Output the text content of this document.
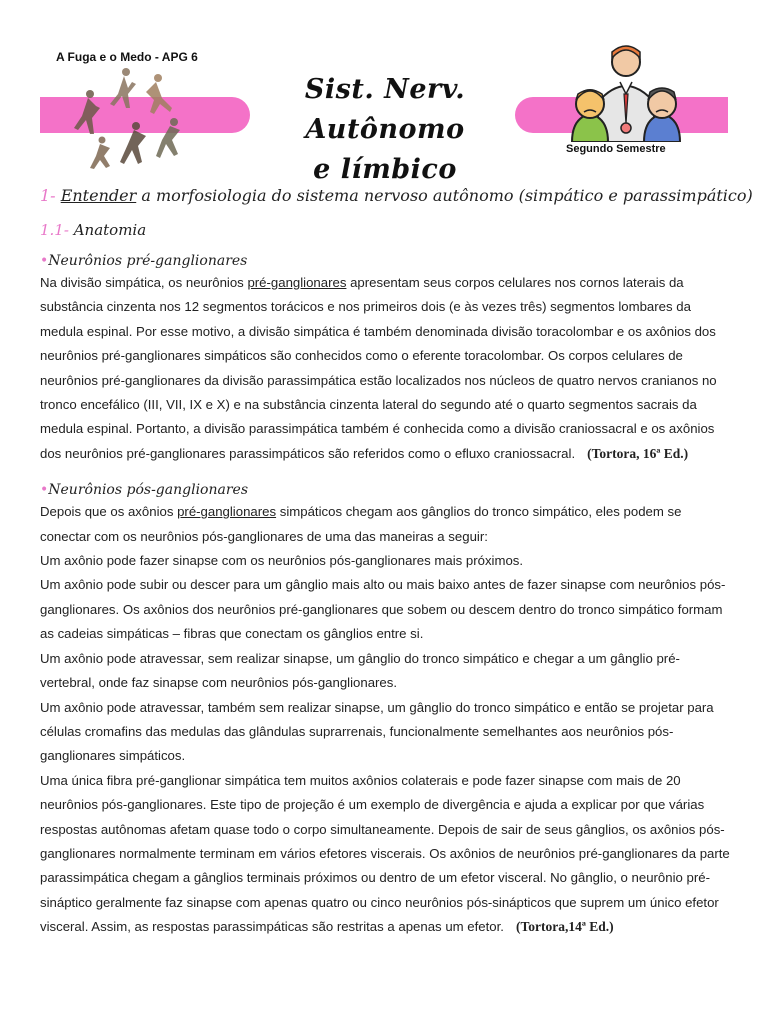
A Fuga e o Medo - APG 6
Sist. Nerv. Autônomo
e límbico
Segundo Semestre
1- Entender a morfosiologia do sistema nervoso autônomo (simpático e parassimpático)
1.1- Anatomia
•Neurônios pré-ganglionares

Na divisão simpática, os neurônios pré-ganglionares apresentam seus corpos celulares nos cornos laterais da substância cinzenta nos 12 segmentos torácicos e nos primeiros dois (e às vezes três) segmentos lombares da medula espinal. Por esse motivo, a divisão simpática é também denominada divisão toracolombar e os axônios dos neurônios pré-ganglionares simpáticos são conhecidos como o eferente toracolombar. Os corpos celulares de neurônios pré-ganglionares da divisão parassimpática estão localizados nos núcleos de quatro nervos cranianos no tronco encefálico (III, VII, IX e X) e na substância cinzenta lateral do segundo até o quarto segmentos sacrais da medula espinal. Portanto, a divisão parassimpática também é conhecida como a divisão craniossacral e os axônios dos neurônios pré-ganglionares parassimpáticos são referidos como o efluxo craniossacral. (Tortora, 16ª Ed.)

•Neurônios pós-ganglionares

Depois que os axônios pré-ganglionares simpáticos chegam aos gânglios do tronco simpático, eles podem se conectar com os neurônios pós-ganglionares de uma das maneiras a seguir:

Um axônio pode fazer sinapse com os neurônios pós-ganglionares mais próximos.

Um axônio pode subir ou descer para um gânglio mais alto ou mais baixo antes de fazer sinapse com neurônios pós-ganglionares. Os axônios dos neurônios pré-ganglionares que sobem ou descem dentro do tronco simpático formam as cadeias simpáticas – fibras que conectam os gânglios entre si.

Um axônio pode atravessar, sem realizar sinapse, um gânglio do tronco simpático e chegar a um gânglio pré-vertebral, onde faz sinapse com neurônios pós-ganglionares.

Um axônio pode atravessar, também sem realizar sinapse, um gânglio do tronco simpático e então se projetar para células cromafins das medulas das glândulas suprarrenais, funcionalmente semelhantes aos neurônios pós-ganglionares simpáticos.

Uma única fibra pré-ganglionar simpática tem muitos axônios colaterais e pode fazer sinapse com mais de 20 neurônios pós-ganglionares. Este tipo de projeção é um exemplo de divergência e ajuda a explicar por que várias respostas autônomas afetam quase todo o corpo simultaneamente. Depois de sair de seus gânglios, os axônios pós-ganglionares normalmente terminam em vários efetores viscerais. Os axônios de neurônios pré-ganglionares da parte parassimpática chegam a gânglios terminais próximos ou dentro de um efetor visceral. No gânglio, o neurônio pré-sináptico geralmente faz sinapse com apenas quatro ou cinco neurônios pós-sinápticos que suprem um único efetor visceral. Assim, as respostas parassimpáticas são restritas a apenas um efetor. (Tortora,14ª Ed.)
